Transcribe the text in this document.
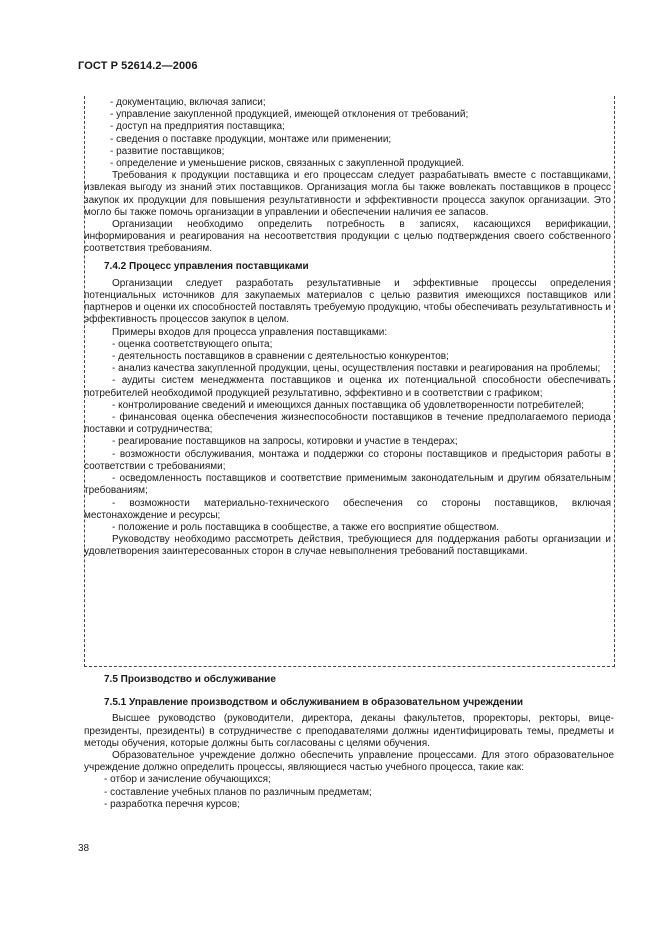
ГОСТ Р 52614.2—2006

- документацию, включая записи;

- управление закупленной продукцией, имеющей отклонения от требований;

- доступ на предприятия поставщика;

- сведения о поставке продукции, монтаже или применении;

- развитие поставщиков;

- определение и уменьшение рисков, связанных с закупленной продукцией.

Требования к продукции поставщика и его процессам следует разрабатывать вместе с поставщиками, извлекая выгоду из знаний этих поставщиков. Организация могла бы также вовлекать поставщиков в процесс закупок их продукции для повышения результативности и эффективности процесса закупок организации. Это могло бы также помочь организации в управлении и обеспечении наличия ее запасов.

Организации необходимо определить потребность в записях, касающихся верификации, информирования и реагирования на несоответствия продукции с целью подтверждения своего собственного соответствия требованиям.

7.4.2 Процесс управления поставщиками

Организации следует разработать результативные и эффективные процессы определения потенциальных источников для закупаемых материалов с целью развития имеющихся поставщиков или партнеров и оценки их способностей поставлять требуемую продукцию, чтобы обеспечивать результативность и эффективность процессов закупок в целом.

Примеры входов для процесса управления поставщиками:

- оценка соответствующего опыта;

- деятельность поставщиков в сравнении с деятельностью конкурентов;

- анализ качества закупленной продукции, цены, осуществления поставки и реагирования на проблемы;

- аудиты систем менеджмента поставщиков и оценка их потенциальной способности обеспечивать потребителей необходимой продукцией результативно, эффективно и в соответствии с графиком;

- контролирование сведений и имеющихся данных поставщика об удовлетворенности потребителей;

- финансовая оценка обеспечения жизнеспособности поставщиков в течение предполагаемого периода поставки и сотрудничества;

- реагирование поставщиков на запросы, котировки и участие в тендерах;

- возможности обслуживания, монтажа и поддержки со стороны поставщиков и предыстория работы в соответствии с требованиями;

- осведомленность поставщиков и соответствие применимым законодательным и другим обязательным требованиям;

- возможности материально-технического обеспечения со стороны поставщиков, включая местонахождение и ресурсы;

- положение и роль поставщика в сообществе, а также его восприятие обществом.

Руководству необходимо рассмотреть действия, требующиеся для поддержания работы организации и удовлетворения заинтересованных сторон в случае невыполнения требований поставщиками.

7.5 Производство и обслуживание

7.5.1 Управление производством и обслуживанием в образовательном учреждении

Высшее руководство (руководители, директора, деканы факультетов, проректоры, ректоры, вице-президенты, президенты) в сотрудничестве с преподавателями должны идентифицировать темы, предметы и методы обучения, которые должны быть согласованы с целями обучения.

Образовательное учреждение должно обеспечить управление процессами. Для этого образовательное учреждение должно определить процессы, являющиеся частью учебного процесса, такие как:

- отбор и зачисление обучающихся;

- составление учебных планов по различным предметам;

- разработка перечня курсов;

38
